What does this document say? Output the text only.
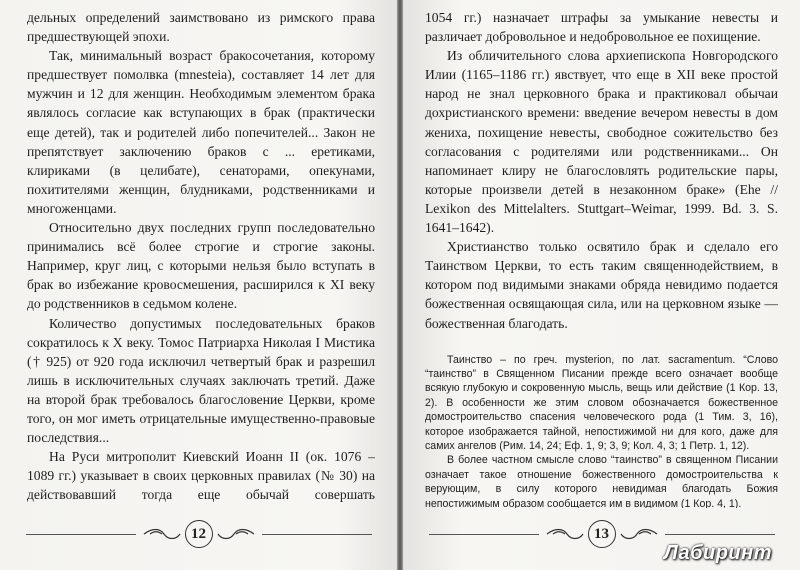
дельных определений заимствовано из римского права предшествующей эпохи.

Так, минимальный возраст бракосочетания, которому предшествует помолвка (mnesteia), составляет 14 лет для мужчин и 12 для женщин. Необходимым элементом брака являлось согласие как вступающих в брак (практически еще детей), так и родителей либо попечителей... Закон не препятствует заключению браков с ... еретиками, клириками (в целибате), сенаторами, опекунами, похитителями женщин, блудниками, родственниками и многоженцами.

Относительно двух последних групп последовательно принимались всё более строгие и строгие законы. Например, круг лиц, с которыми нельзя было вступать в брак во избежание кровосмешения, расширился к XI веку до родственников в седьмом колене.

Количество допустимых последовательных браков сократилось к X веку. Томос Патриарха Николая I Мистика († 925) от 920 года исключил четвертый брак и разрешил лишь в исключительных случаях заключать третий. Даже на второй брак требовалось благословение Церкви, кроме того, он мог иметь отрицательные имущественно-правовые последствия...

На Руси митрополит Киевский Иоанн II (ок. 1076 – 1089 гг.) указывает в своих церковных правилах (№ 30) на действовавший тогда еще обычай совершать

12

1054 гг.) назначает штрафы за умыкание невесты и различает добровольное и недобровольное ее похищение.

Из обличительного слова архиепископа Новгородского Илии (1165–1186 гг.) явствует, что еще в XII веке простой народ не знал церковного брака и практиковал обычаи дохристианского времени: введение вечером невесты в дом жениха, похищение невесты, свободное сожительство без согласования с родителями или родственниками... Он напоминает клиру не благословлять родительские пары, которые произвели детей в незаконном браке» (Ehe // Lexikon des Mittelalters. Stuttgart–Weimar, 1999. Bd. 3. S. 1641–1642).

Христианство только освятило брак и сделало его Таинством Церкви, то есть таким священнодействием, в котором под видимыми знаками обряда невидимо подается божественная освящающая сила, или на церковном языке — божественная благодать.

Таинство – по греч. mysterion, по лат. sacramentum. “Слово “таинство” в Священном Писании прежде всего означает вообще всякую глубокую и сокровенную мысль, вещь или действие (1 Кор. 13, 2). В особенности же этим словом обозначается божественное домостроительство спасения человеческого рода (1 Тим. 3, 16), которое изображается тайной, непостижимой ни для кого, даже для самих ангелов (Рим. 14, 24; Еф. 1, 9; 3, 9; Кол. 4, 3; 1 Петр. 1, 12).

В более частном смысле слово “таинство” в священном Писании означает такое отношение божественного домостроительства к верующим, в силу которого невидимая благодать Божия непостижимым образом сообщается им в видимом (1 Кор. 4, 1).

13
Лабиринт
